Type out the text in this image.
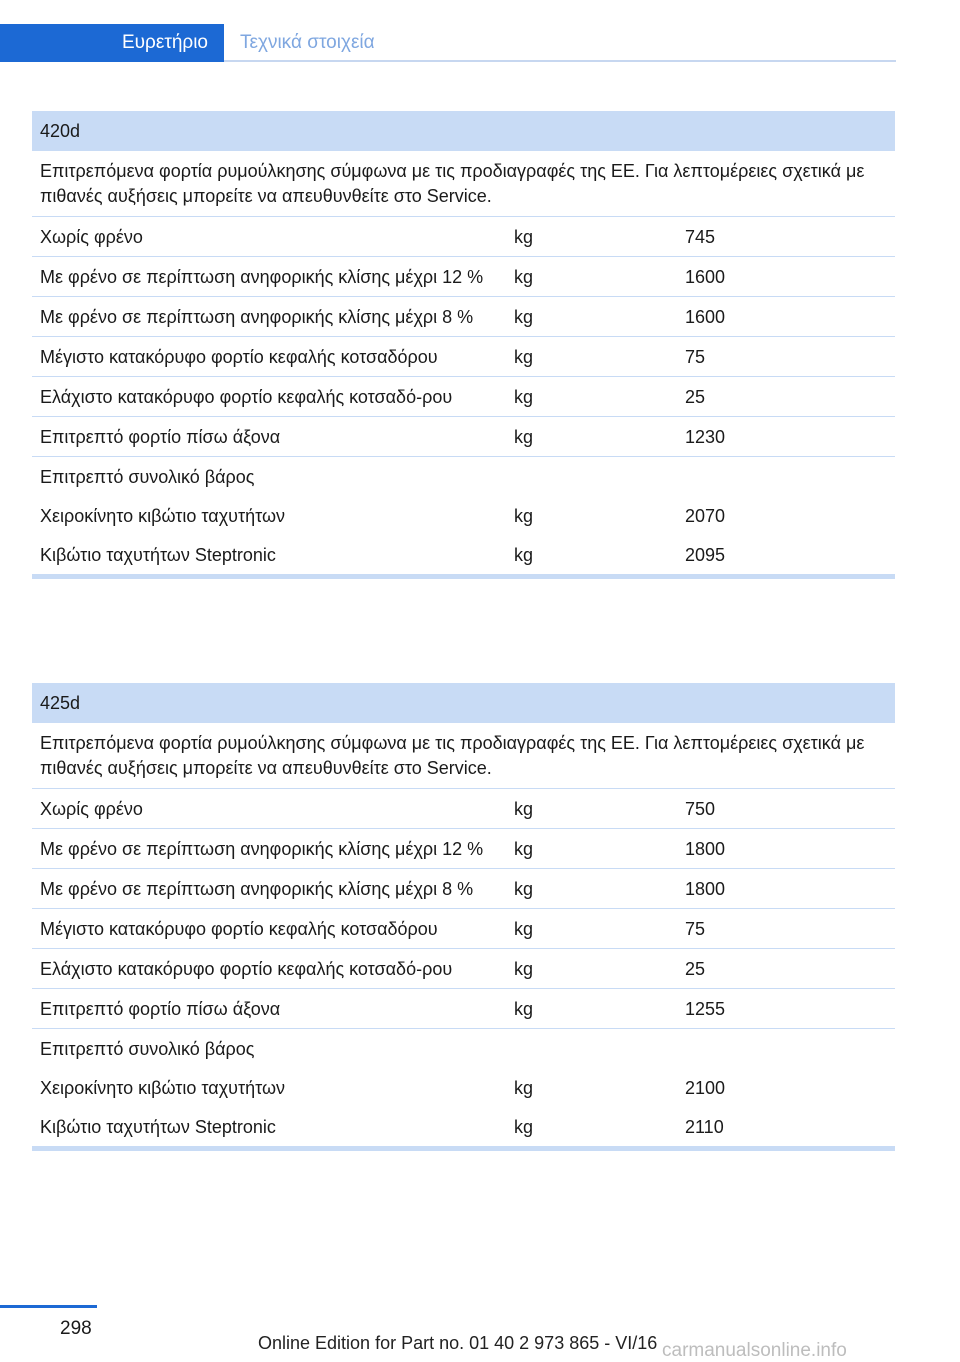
Ευρετήριο	Τεχνικά στοιχεία
420d
Επιτρεπόμενα φορτία ρυμούλκησης σύμφωνα με τις προδιαγραφές της ΕΕ. Για λεπτομέρειες σχετικά με πιθανές αυξήσεις μπορείτε να απευθυνθείτε στο Service.
Χωρίς φρένο	kg	745
Με φρένο σε περίπτωση ανηφορικής κλίσης μέχρι 12 %	kg	1600
Με φρένο σε περίπτωση ανηφορικής κλίσης μέχρι 8 %	kg	1600
Μέγιστο κατακόρυφο φορτίο κεφαλής κοτσαδόρου	kg	75
Ελάχιστο κατακόρυφο φορτίο κεφαλής κοτσαδό-ρου	kg	25
Επιτρεπτό φορτίο πίσω άξονα	kg	1230
Επιτρεπτό συνολικό βάρος
Χειροκίνητο κιβώτιο ταχυτήτων	kg	2070
Κιβώτιο ταχυτήτων Steptronic	kg	2095
425d
Επιτρεπόμενα φορτία ρυμούλκησης σύμφωνα με τις προδιαγραφές της ΕΕ. Για λεπτομέρειες σχετικά με πιθανές αυξήσεις μπορείτε να απευθυνθείτε στο Service.
Χωρίς φρένο	kg	750
Με φρένο σε περίπτωση ανηφορικής κλίσης μέχρι 12 %	kg	1800
Με φρένο σε περίπτωση ανηφορικής κλίσης μέχρι 8 %	kg	1800
Μέγιστο κατακόρυφο φορτίο κεφαλής κοτσαδόρου	kg	75
Ελάχιστο κατακόρυφο φορτίο κεφαλής κοτσαδό-ρου	kg	25
Επιτρεπτό φορτίο πίσω άξονα	kg	1255
Επιτρεπτό συνολικό βάρος
Χειροκίνητο κιβώτιο ταχυτήτων	kg	2100
Κιβώτιο ταχυτήτων Steptronic	kg	2110
298
Online Edition for Part no. 01 40 2 973 865 - VI/16 carmanualsonline.info
